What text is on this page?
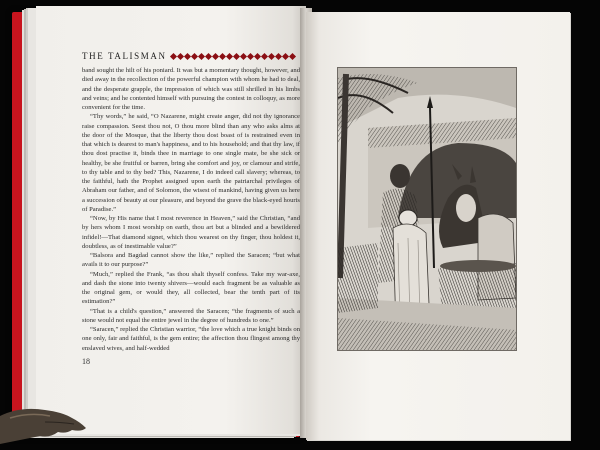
THE TALISMAN

band sought the hilt of his poniard. It was but a momentary thought, however, and died away in the recollection of the powerful champion with whom he had to deal, and the desperate grapple, the impression of which was still shrilled in his limbs and veins; and he contented himself with pursuing the contest in colloquy, as more convenient for the time.

“Thy words,” he said, “O Nazarene, might create anger, did not thy ignorance raise compassion. Seest thou not, O thou more blind than any who asks alms at the door of the Mosque, that the liberty thou dost boast of is restrained even in that which is dearest to man's happiness, and to his household; and that thy law, if thou dost practise it, binds thee in marriage to one single mate, be she sick or healthy, be she fruitful or barren, bring she comfort and joy, or clamour and strife, to thy table and to thy bed? This, Nazarene, I do indeed call slavery; whereas, to the faithful, hath the Prophet assigned upon earth the patriarchal privileges of Abraham our father, and of Solomon, the wisest of mankind, having given us here a succession of beauty at our pleasure, and beyond the grave the black-eyed houris of Paradise.”

“Now, by His name that I most reverence in Heaven,” said the Christian, “and by hers whom I most worship on earth, thou art but a blinded and a bewildered infidel!—That diamond signet, which thou wearest on thy finger, thou holdest it, doubtless, as of inestimable value?”

“Balsora and Bagdad cannot show the like,” replied the Saracen; “but what avails it to our purpose?”

“Much,” replied the Frank, “as thou shalt thyself confess. Take my war-axe, and dash the stone into twenty shivers—would each fragment be as valuable as the original gem, or would they, all collected, bear the tenth part of its estimation?”

“That is a child's question,” answered the Saracen; “the fragments of such a stone would not equal the entire jewel in the degree of hundreds to one.”

“Saracen,” replied the Christian warrior, “the love which a true knight binds on one only, fair and faithful, is the gem entire; the affection thou flingest among thy enslaved wives, and half-wedded

18
